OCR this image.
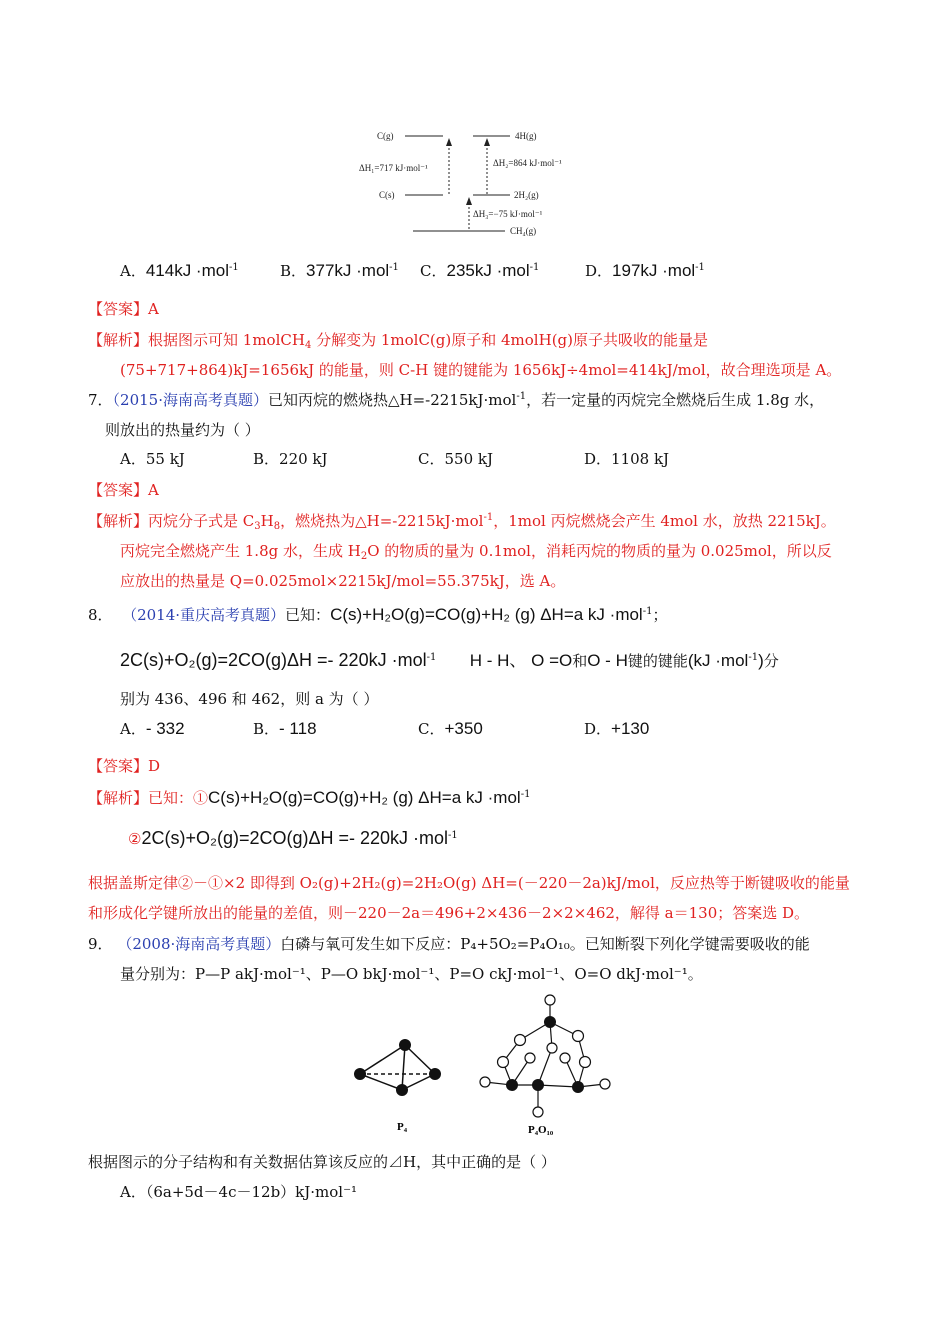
C(g)	4H(g)
C(s)	2H₂(g)
CH₄(g)
ΔH₁=717 kJ·mol⁻¹	ΔH₂=864 kJ·mol⁻¹
ΔH₃=−75 kJ·mol⁻¹
A．414kJ ·mol$^{-1}$	B．377kJ ·mol$^{-1}$ C．235kJ ·mol$^{-1}$	D．197kJ ·mol$^{-1}$
【答案】A
【解析】根据图示可知 1molCH$_4$ 分解变为 1molC(g)原子和 4molH(g)原子共吸收的能量是
(75+717+864)kJ=1656kJ 的能量，则 C-H 键的键能为 1656kJ÷4mol=414kJ/mol，故合理选项是 A。
7．（2015·海南高考真题）已知丙烷的燃烧热△H=-2215kJ·mol$^{-1}$，若一定量的丙烷完全燃烧后生成 1.8g 水，
则放出的热量约为（ ）
A．55 kJ	B．220 kJ	C．550 kJ	D．1108 kJ
【答案】A
【解析】丙烷分子式是 $C_3H_8$，燃烧热为△H=-2215kJ·mol$^{-1}$，1mol 丙烷燃烧会产生 4mol 水，放热 2215kJ。
丙烷完全燃烧产生 1.8g 水，生成 $H_2O$ 的物质的量为 0.1mol，消耗丙烷的物质的量为 0.025mol，所以反
应放出的热量是 Q=0.025mol×2215kJ/mol=55.375kJ，选 A。
8． （2014·重庆高考真题）已知：C(s)+H₂O(g)=CO(g)+H₂ (g) ΔH=a kJ ·mol$^{-1}$；
2C(s)+O₂(g)=2CO(g)ΔH =- 220kJ ·mol$^{-1}$ H - H、 O =O和O - H键的键能(kJ ·mol$^{-1}$)分
别为 436、496 和 462，则 a 为（ ）
A．- 332	B．- 118	C．+350	D．+130
【答案】D
【解析】已知：①C(s)+H₂O(g)=CO(g)+H₂ (g) ΔH=a kJ ·mol$^{-1}$
②2C(s)+O₂(g)=2CO(g)ΔH =- 220kJ ·mol$^{-1}$
根据盖斯定律②－①×2 即得到 O₂(g)+2H₂(g)=2H₂O(g) ΔH=(－220－2a)kJ/mol，反应热等于断键吸收的能量
和形成化学键所放出的能量的差值，则－220－2a＝496+2×436－2×2×462，解得 a＝130；答案选 D。
9． （2008·海南高考真题）白磷与氧可发生如下反应：P₄+5O₂=P₄O₁₀。已知断裂下列化学键需要吸收的能
量分别为：P—P akJ·mol⁻¹、P—O bkJ·mol⁻¹、P=O ckJ·mol⁻¹、O=O dkJ·mol⁻¹。
P₄	P₄O₁₀
根据图示的分子结构和有关数据估算该反应的⊿H，其中正确的是（ ）
A．（6a+5d－4c－12b）kJ·mol⁻¹
